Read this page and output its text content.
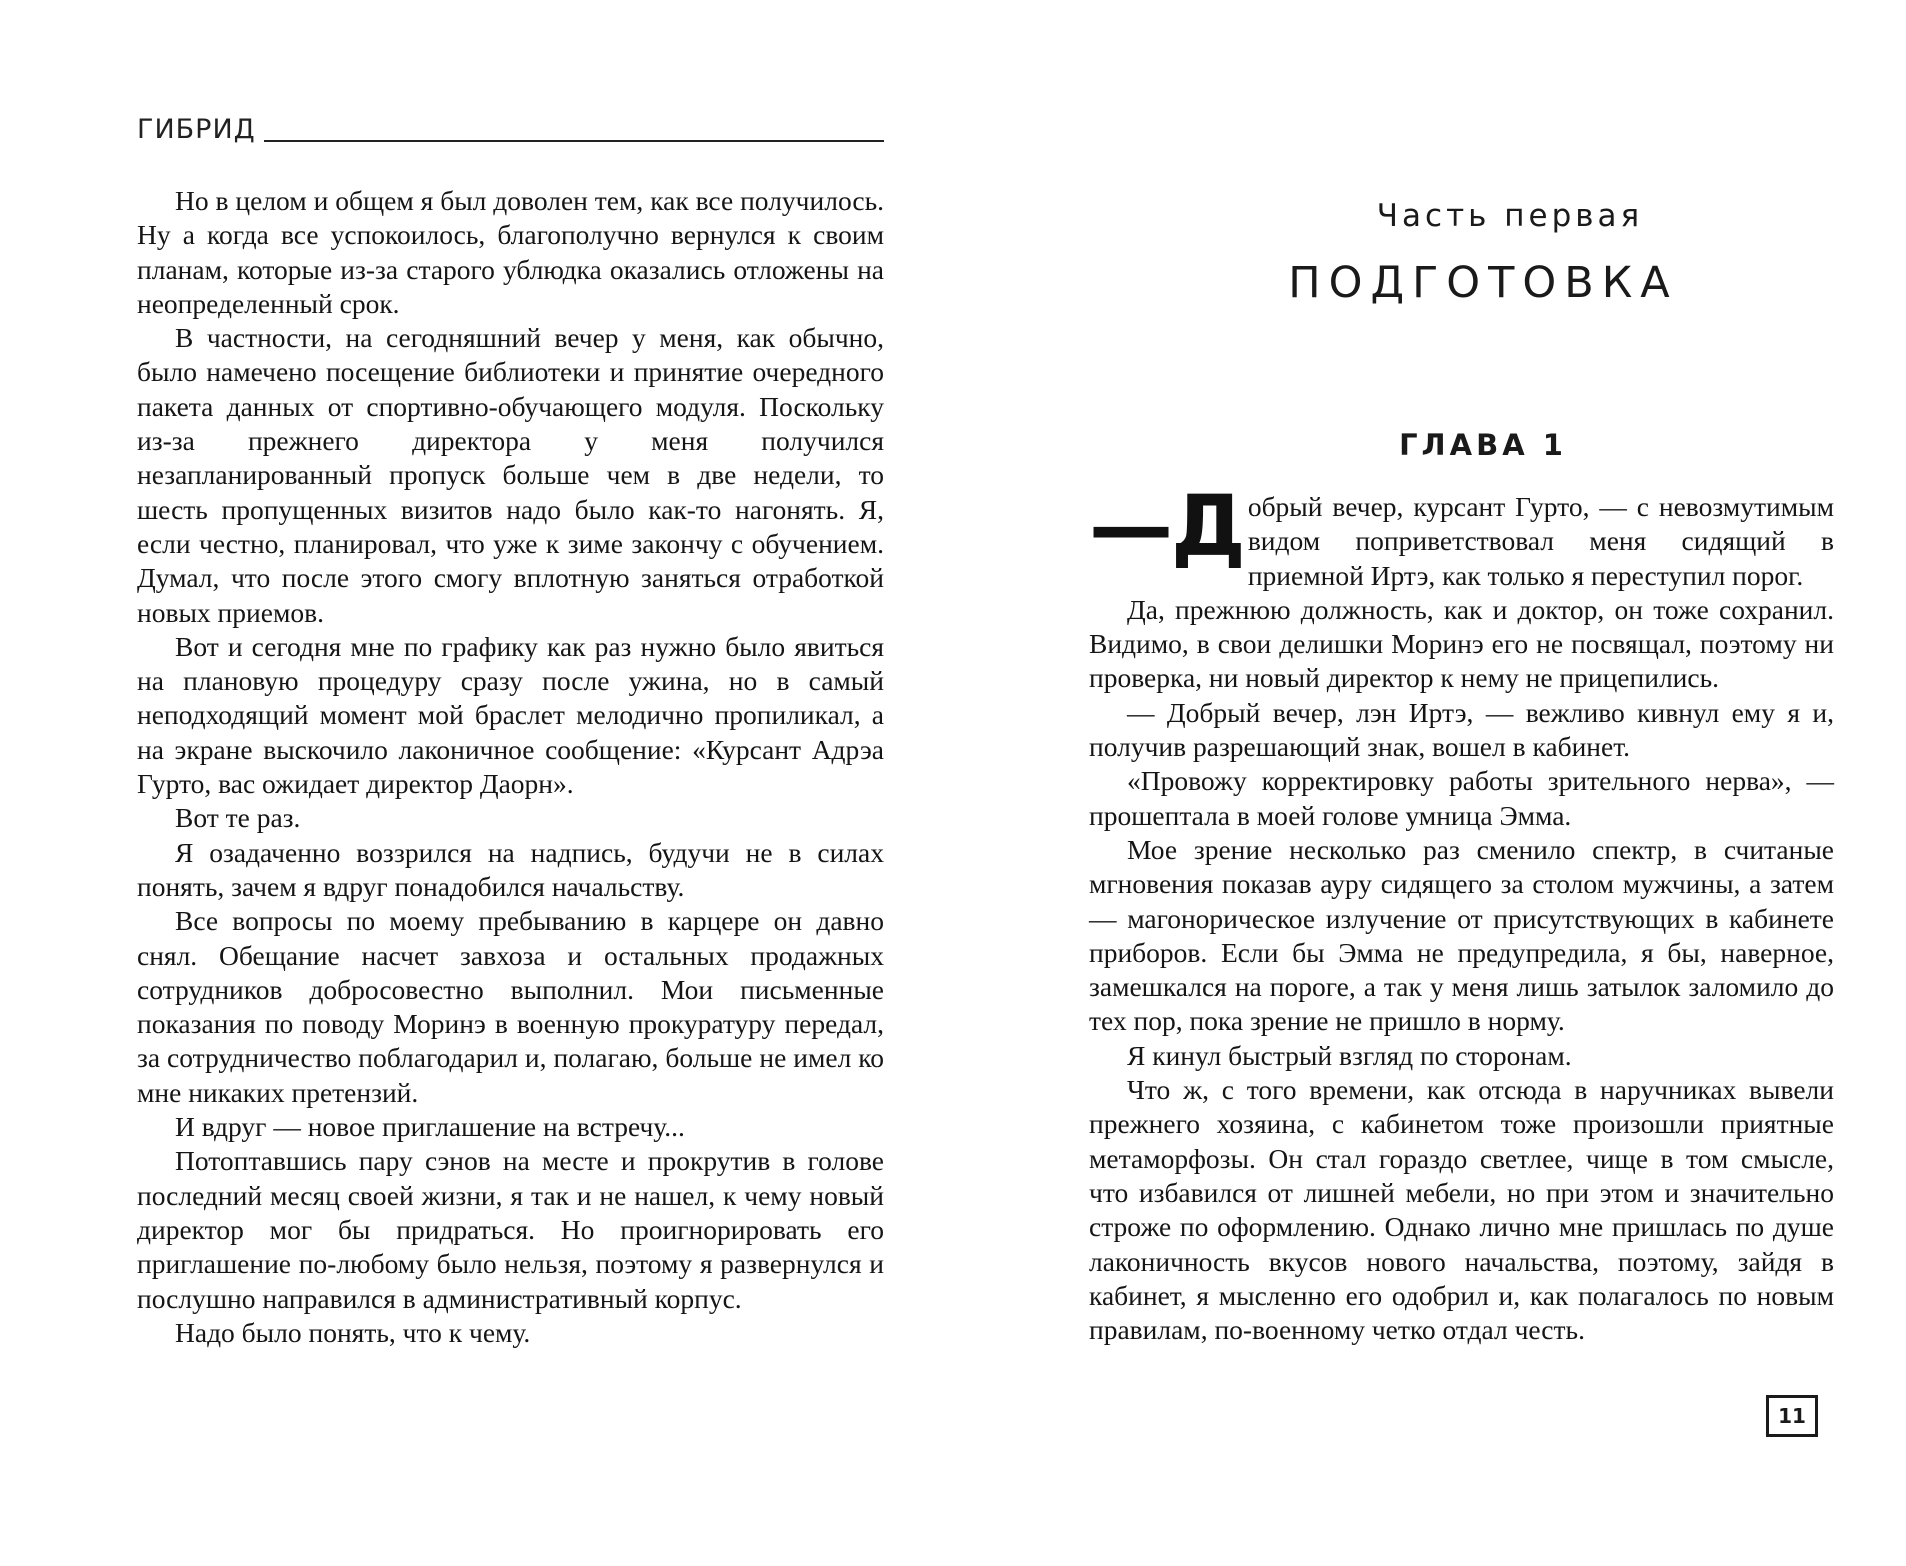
ГИБРИД

Но в целом и общем я был доволен тем, как все получилось. Ну а когда все успокоилось, благополучно вернулся к своим планам, которые из-за старого ублюдка оказались отложены на неопределенный срок.

В частности, на сегодняшний вечер у меня, как обычно, было намечено посещение библиотеки и принятие очередного пакета данных от спортивно-обучающего модуля. Поскольку из-за прежнего директора у меня получился незапланированный пропуск больше чем в две недели, то шесть пропущенных визитов надо было как-то нагонять. Я, если честно, планировал, что уже к зиме закончу с обучением. Думал, что после этого смогу вплотную заняться отработкой новых приемов.

Вот и сегодня мне по графику как раз нужно было явиться на плановую процедуру сразу после ужина, но в самый неподходящий момент мой браслет мелодично пропиликал, а на экране выскочило лаконичное сообщение: «Курсант Адрэа Гурто, вас ожидает директор Даорн».

Вот те раз.

Я озадаченно воззрился на надпись, будучи не в силах понять, зачем я вдруг понадобился начальству.

Все вопросы по моему пребыванию в карцере он давно снял. Обещание насчет завхоза и остальных продажных сотрудников добросовестно выполнил. Мои письменные показания по поводу Моринэ в военную прокуратуру передал, за сотрудничество поблагодарил и, полагаю, больше не имел ко мне никаких претензий.

И вдруг — новое приглашение на встречу...

Потоптавшись пару сэнов на месте и прокрутив в голове последний месяц своей жизни, я так и не нашел, к чему новый директор мог бы придраться. Но проигнорировать его приглашение по-любому было нельзя, поэтому я развернулся и послушно направился в административный корпус.

Надо было понять, что к чему.

Часть первая
ПОДГОТОВКА
ГЛАВА 1

—Д обрый вечер, курсант Гурто, — с невозмутимым видом поприветствовал меня сидящий в приемной Иртэ, как только я переступил порог.

Да, прежнюю должность, как и доктор, он тоже сохранил. Видимо, в свои делишки Моринэ его не посвящал, поэтому ни проверка, ни новый директор к нему не прицепились.

— Добрый вечер, лэн Иртэ, — вежливо кивнул ему я и, получив разрешающий знак, вошел в кабинет.

«Провожу корректировку работы зрительного нерва», — прошептала в моей голове умница Эмма.

Мое зрение несколько раз сменило спектр, в считаные мгновения показав ауру сидящего за столом мужчины, а затем — магонорическое излучение от присутствующих в кабинете приборов. Если бы Эмма не предупредила, я бы, наверное, замешкался на пороге, а так у меня лишь затылок заломило до тех пор, пока зрение не пришло в норму.

Я кинул быстрый взгляд по сторонам.

Что ж, с того времени, как отсюда в наручниках вывели прежнего хозяина, с кабинетом тоже произошли приятные метаморфозы. Он стал гораздо светлее, чище в том смысле, что избавился от лишней мебели, но при этом и значительно строже по оформлению. Однако лично мне пришлась по душе лаконичность вкусов нового начальства, поэтому, зайдя в кабинет, я мысленно его одобрил и, как полагалось по новым правилам, по-военному четко отдал честь.

11
